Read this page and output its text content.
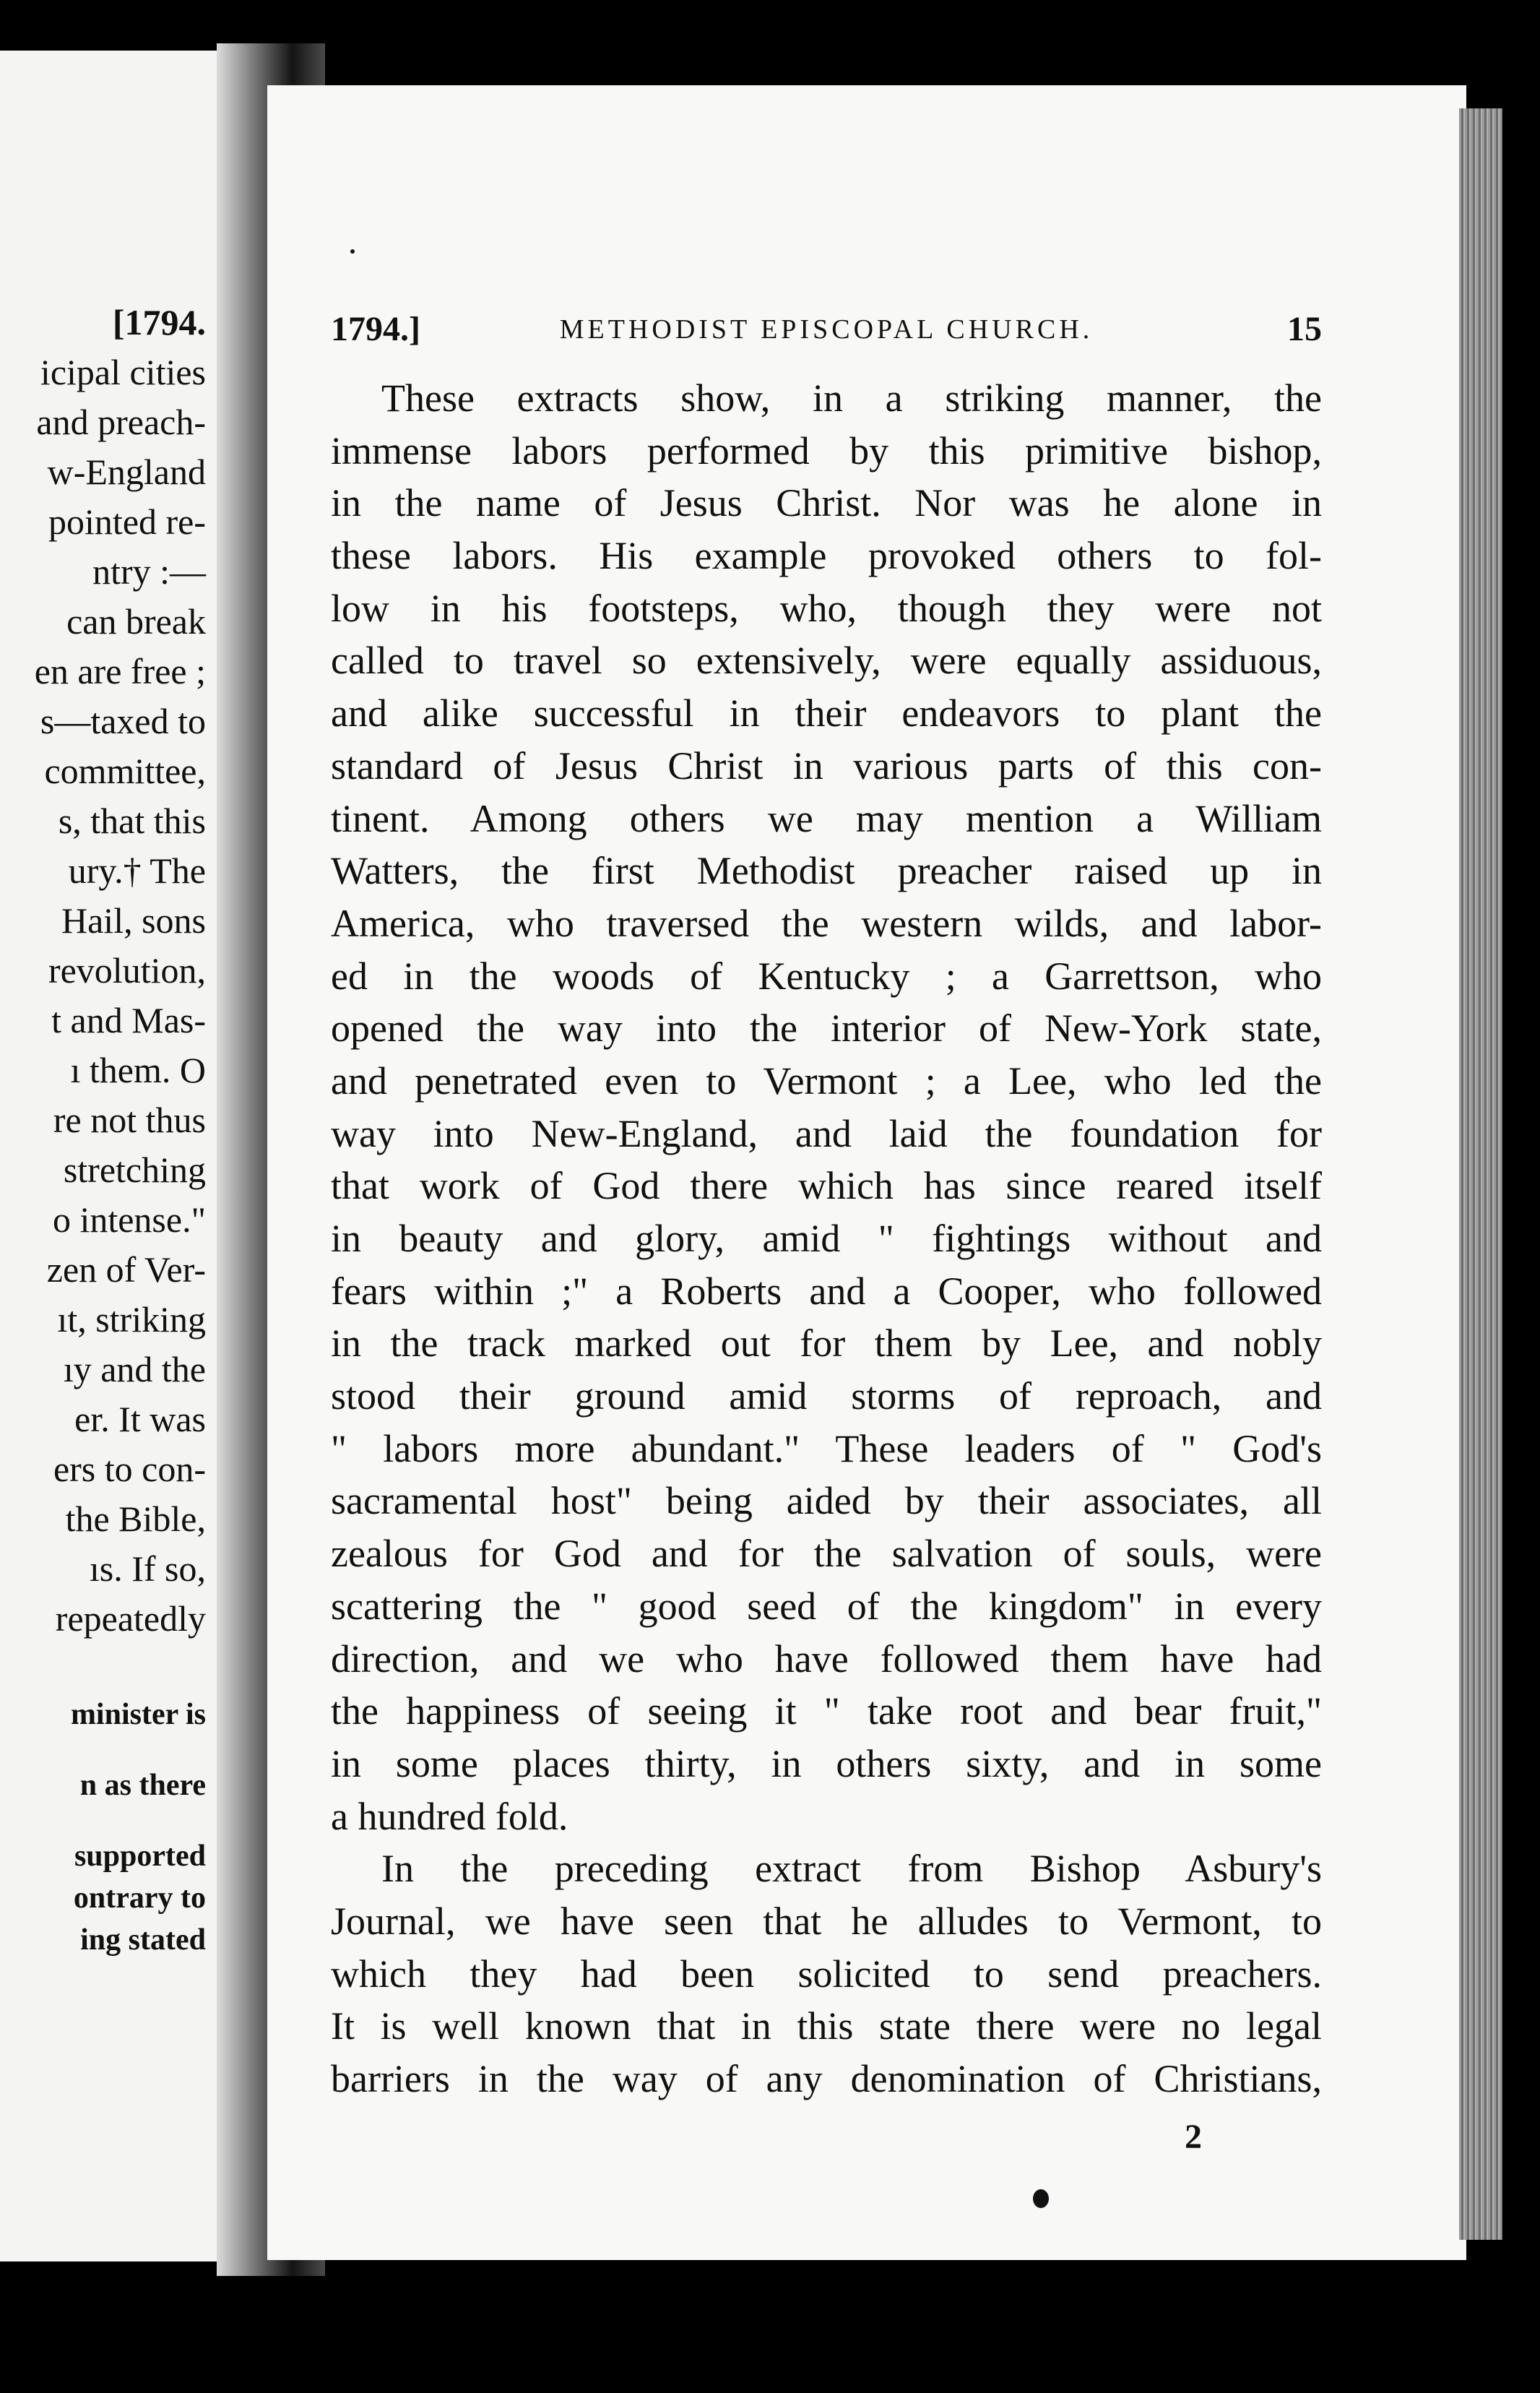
[1794.
icipal cities
and preach-
w-England
pointed re-
ntry :—
can break
en are free ;
s—taxed to
committee,
s, that this
ury.† The
Hail, sons
revolution,
t and Mas-
ı them. O
re not thus
stretching
o intense."
zen of Ver-
ıt, striking
ıy and the
er. It was
ers to con-
the Bible,
ıs. If so,
repeatedly
minister is
n as there
supported
ontrary to
ing stated
1794.]	METHODIST EPISCOPAL CHURCH.	15
These extracts show, in a striking manner, the
immense labors performed by this primitive bishop,
in the name of Jesus Christ. Nor was he alone in
these labors. His example provoked others to fol-
low in his footsteps, who, though they were not
called to travel so extensively, were equally assiduous,
and alike successful in their endeavors to plant the
standard of Jesus Christ in various parts of this con-
tinent. Among others we may mention a William
Watters, the first Methodist preacher raised up in
America, who traversed the western wilds, and labor-
ed in the woods of Kentucky ; a Garrettson, who
opened the way into the interior of New-York state,
and penetrated even to Vermont ; a Lee, who led the
way into New-England, and laid the foundation for
that work of God there which has since reared itself
in beauty and glory, amid " fightings without and
fears within ;" a Roberts and a Cooper, who followed
in the track marked out for them by Lee, and nobly
stood their ground amid storms of reproach, and
" labors more abundant." These leaders of " God's
sacramental host" being aided by their associates, all
zealous for God and for the salvation of souls, were
scattering the " good seed of the kingdom" in every
direction, and we who have followed them have had
the happiness of seeing it " take root and bear fruit,"
in some places thirty, in others sixty, and in some
a hundred fold.
In the preceding extract from Bishop Asbury's
Journal, we have seen that he alludes to Vermont, to
which they had been solicited to send preachers.
It is well known that in this state there were no legal
barriers in the way of any denomination of Christians,
2
